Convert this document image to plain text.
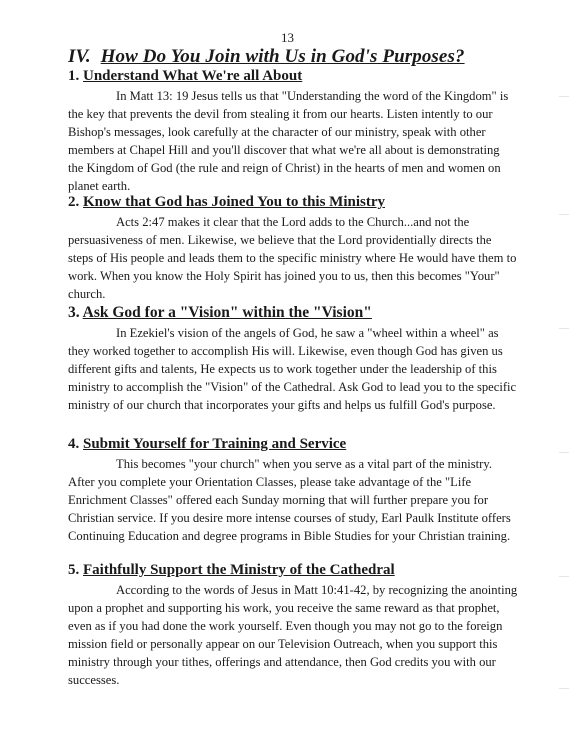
13
IV. How Do You Join with Us in God's Purposes?

1. Understand What We're all About

In Matt 13: 19 Jesus tells us that "Understanding the word of the Kingdom" is the key that prevents the devil from stealing it from our hearts. Listen intently to our Bishop's messages, look carefully at the character of our ministry, speak with other members at Chapel Hill and you'll discover that what we're all about is demonstrating the Kingdom of God (the rule and reign of Christ) in the hearts of men and women on planet earth.

2. Know that God has Joined You to this Ministry

Acts 2:47 makes it clear that the Lord adds to the Church...and not the persuasiveness of men. Likewise, we believe that the Lord providentially directs the steps of His people and leads them to the specific ministry where He would have them to work. When you know the Holy Spirit has joined you to us, then this becomes "Your" church.

3. Ask God for a "Vision" within the "Vision"

In Ezekiel's vision of the angels of God, he saw a "wheel within a wheel" as they worked together to accomplish His will. Likewise, even though God has given us different gifts and talents, He expects us to work together under the leadership of this ministry to accomplish the "Vision" of the Cathedral. Ask God to lead you to the specific ministry of our church that incorporates your gifts and helps us fulfill God's purpose.

4. Submit Yourself for Training and Service

This becomes "your church" when you serve as a vital part of the ministry. After you complete your Orientation Classes, please take advantage of the "Life Enrichment Classes" offered each Sunday morning that will further prepare you for Christian service. If you desire more intense courses of study, Earl Paulk Institute offers Continuing Education and degree programs in Bible Studies for your Christian training.

5. Faithfully Support the Ministry of the Cathedral

According to the words of Jesus in Matt 10:41-42, by recognizing the anointing upon a prophet and supporting his work, you receive the same reward as that prophet, even as if you had done the work yourself. Even though you may not go to the foreign mission field or personally appear on our Television Outreach, when you support this ministry through your tithes, offerings and attendance, then God credits you with our successes.
